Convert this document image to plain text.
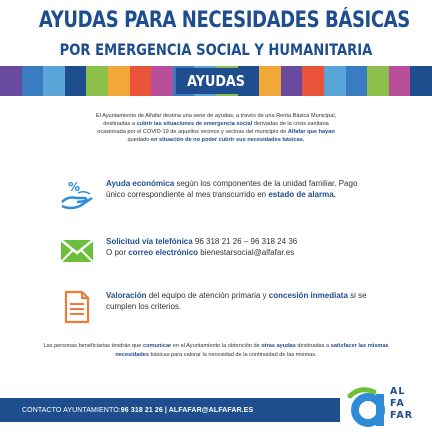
AYUDAS PARA NECESIDADES BÁSICAS
POR EMERGENCIA SOCIAL Y HUMANITARIA
AYUDAS
El Ayuntamiento de Alfafar destina una serie de ayudas, a través de una Renta Básica Municipal,
destinadas a cubrir las situaciones de emergencia social derivadas de la crisis sanitaria
ocasionada por el COVID-19 de aquellos vecinos y vecinas del municipio de Alfafar que hayan
quedado en situación de no poder cubrir sus necesidades básicas.
%	Ayuda económica según los componentes de la unidad familiar. Pago único correspondiente al mes transcurrido en estado de alarma.
Solicitud vía telefónica 96 318 21 26 – 96 318 24 36
O por correo electrónico bienestarsocial@alfafar.es
Valoración del equipo de atención primaria y concesión inmediata si se cumplen los criterios.
Las personas beneficiarias tendrán que comunicar en el Ayuntamiento la obtención de otras ayudas destinadas a satisfacer las mismas necesidades básicas para valorar la necesidad de la continuidad de las mismas.
CONTACTO AYUNTAMIENTO: 96 318 21 26 | ALFAFAR@ALFAFAR.ES
AL
FA
FAR
